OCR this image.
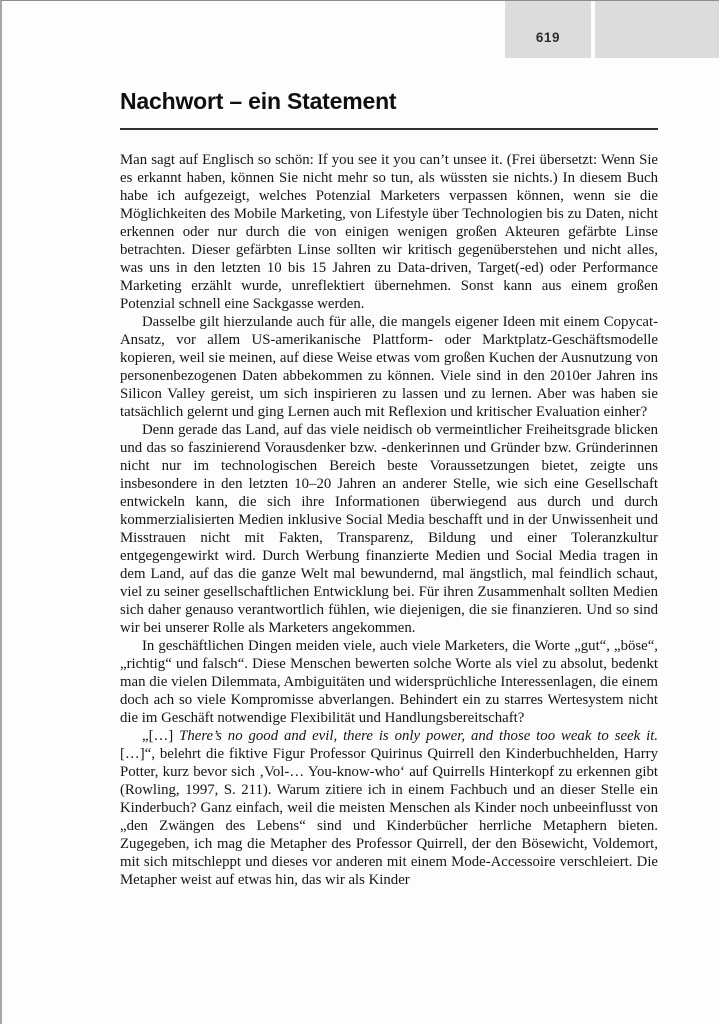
619
Nachwort – ein Statement

Man sagt auf Englisch so schön: If you see it you can’t unsee it. (Frei übersetzt: Wenn Sie es erkannt haben, können Sie nicht mehr so tun, als wüssten sie nichts.) In diesem Buch habe ich aufgezeigt, welches Potenzial Marketers verpassen können, wenn sie die Möglichkeiten des Mobile Marketing, von Lifestyle über Technologien bis zu Daten, nicht erkennen oder nur durch die von einigen wenigen großen Akteuren gefärbte Linse betrachten. Dieser gefärbten Linse sollten wir kritisch gegenüberstehen und nicht alles, was uns in den letzten 10 bis 15 Jahren zu Data-driven, Target(-ed) oder Performance Marketing erzählt wurde, unreflektiert übernehmen. Sonst kann aus einem großen Potenzial schnell eine Sackgasse werden.

Dasselbe gilt hierzulande auch für alle, die mangels eigener Ideen mit einem Copycat-Ansatz, vor allem US-amerikanische Plattform- oder Marktplatz-Geschäftsmodelle kopieren, weil sie meinen, auf diese Weise etwas vom großen Kuchen der Ausnutzung von personenbezogenen Daten abbekommen zu können. Viele sind in den 2010er Jahren ins Silicon Valley gereist, um sich inspirieren zu lassen und zu lernen. Aber was haben sie tatsächlich gelernt und ging Lernen auch mit Reflexion und kritischer Evaluation einher?

Denn gerade das Land, auf das viele neidisch ob vermeintlicher Freiheitsgrade blicken und das so faszinierend Vorausdenker bzw. -denkerinnen und Gründer bzw. Gründerinnen nicht nur im technologischen Bereich beste Voraussetzungen bietet, zeigte uns insbesondere in den letzten 10–20 Jahren an anderer Stelle, wie sich eine Gesellschaft entwickeln kann, die sich ihre Informationen überwiegend aus durch und durch kommerzialisierten Medien inklusive Social Media beschafft und in der Unwissenheit und Misstrauen nicht mit Fakten, Transparenz, Bildung und einer Toleranzkultur entgegengewirkt wird. Durch Werbung finanzierte Medien und Social Media tragen in dem Land, auf das die ganze Welt mal bewundernd, mal ängstlich, mal feindlich schaut, viel zu seiner gesellschaftlichen Entwicklung bei. Für ihren Zusammenhalt sollten Medien sich daher genauso verantwortlich fühlen, wie diejenigen, die sie finanzieren. Und so sind wir bei unserer Rolle als Marketers angekommen.

In geschäftlichen Dingen meiden viele, auch viele Marketers, die Worte „gut“, „böse“, „richtig“ und falsch“. Diese Menschen bewerten solche Worte als viel zu absolut, bedenkt man die vielen Dilemmata, Ambiguitäten und widersprüchliche Interessenlagen, die einem doch ach so viele Kompromisse abverlangen. Behindert ein zu starres Wertesystem nicht die im Geschäft notwendige Flexibilität und Handlungsbereitschaft?

„[…] There’s no good and evil, there is only power, and those too weak to seek it. […]“, belehrt die fiktive Figur Professor Quirinus Quirrell den Kinderbuchhelden, Harry Potter, kurz bevor sich ‚Vol-… You-know-who‘ auf Quirrells Hinterkopf zu erkennen gibt (Rowling, 1997, S. 211). Warum zitiere ich in einem Fachbuch und an dieser Stelle ein Kinderbuch? Ganz einfach, weil die meisten Menschen als Kinder noch unbeeinflusst von „den Zwängen des Lebens“ sind und Kinderbücher herrliche Metaphern bieten. Zugegeben, ich mag die Metapher des Professor Quirrell, der den Bösewicht, Voldemort, mit sich mitschleppt und dieses vor anderen mit einem Mode-Accessoire verschleiert. Die Metapher weist auf etwas hin, das wir als Kinder
